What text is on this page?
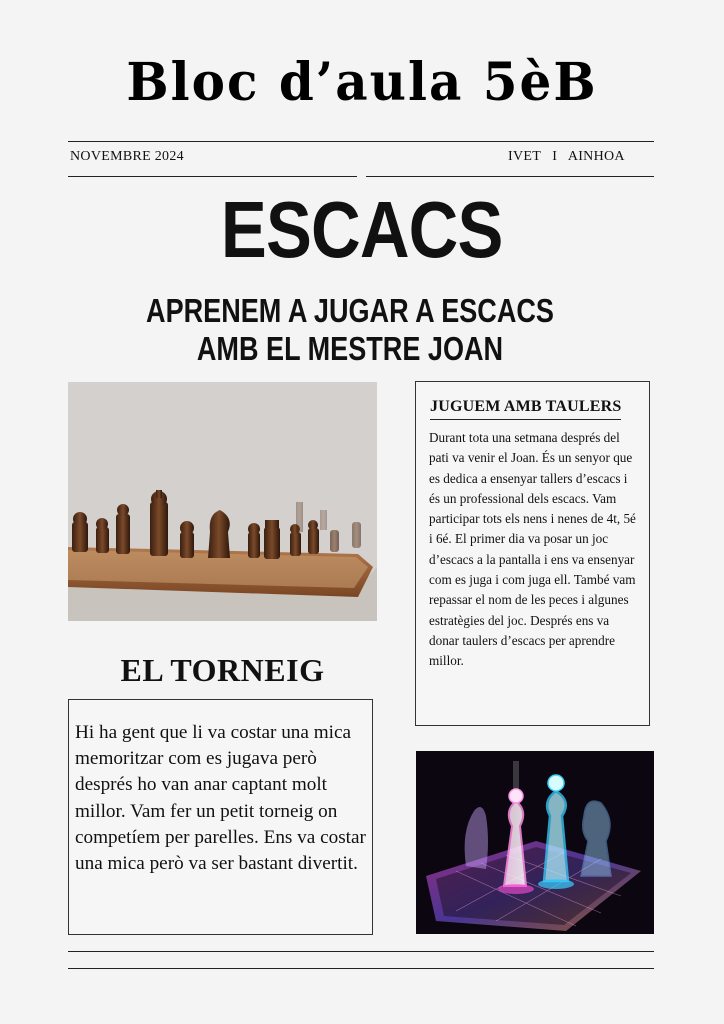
Bloc d’aula 5èB
NOVEMBRE 2024	IVET   I   AINHOA
ESCACS
APRENEM A JUGAR A ESCACS
AMB EL MESTRE JOAN
JUGUEM AMB TAULERS
Durant tota una setmana després del pati va venir el Joan. És un senyor que es dedica a ensenyar tallers d’escacs i és un professional dels escacs. Vam participar tots els nens i nenes de 4t, 5é i 6é. El primer dia va posar un joc d’escacs a la pantalla i ens va ensenyar com es juga i com juga ell. També vam repassar el nom de les peces i algunes estratègies del joc. Després ens va donar taulers d’escacs per aprendre millor.
EL TORNEIG
Hi ha gent que li va costar una mica memoritzar com es jugava però després ho van anar captant molt millor. Vam fer un petit torneig on competíem per parelles. Ens va costar una mica però va ser bastant divertit.
